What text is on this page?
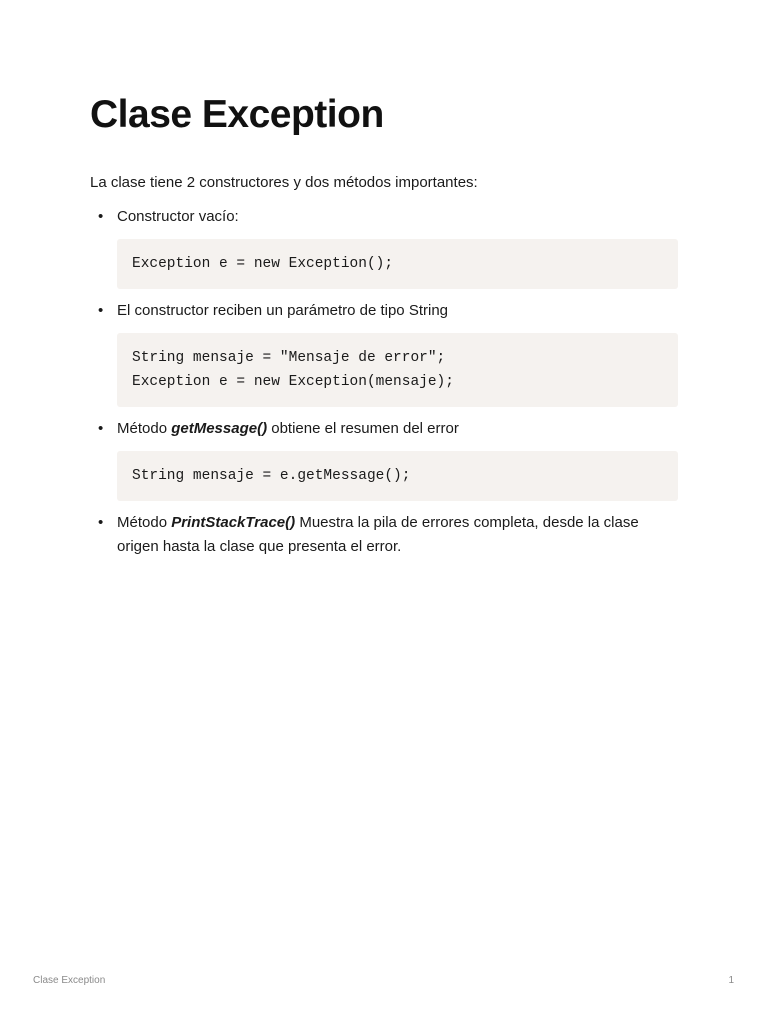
Clase Exception

La clase tiene 2 constructores y dos métodos importantes:

• Constructor vacío:
Exception e = new Exception();
• El constructor reciben un parámetro de tipo String
String mensaje = "Mensaje de error";
Exception e = new Exception(mensaje);
• Método getMessage() obtiene el resumen del error
String mensaje = e.getMessage();
• Método PrintStackTrace() Muestra la pila de errores completa, desde la clase origen hasta la clase que presenta el error.
Clase Exception	1
